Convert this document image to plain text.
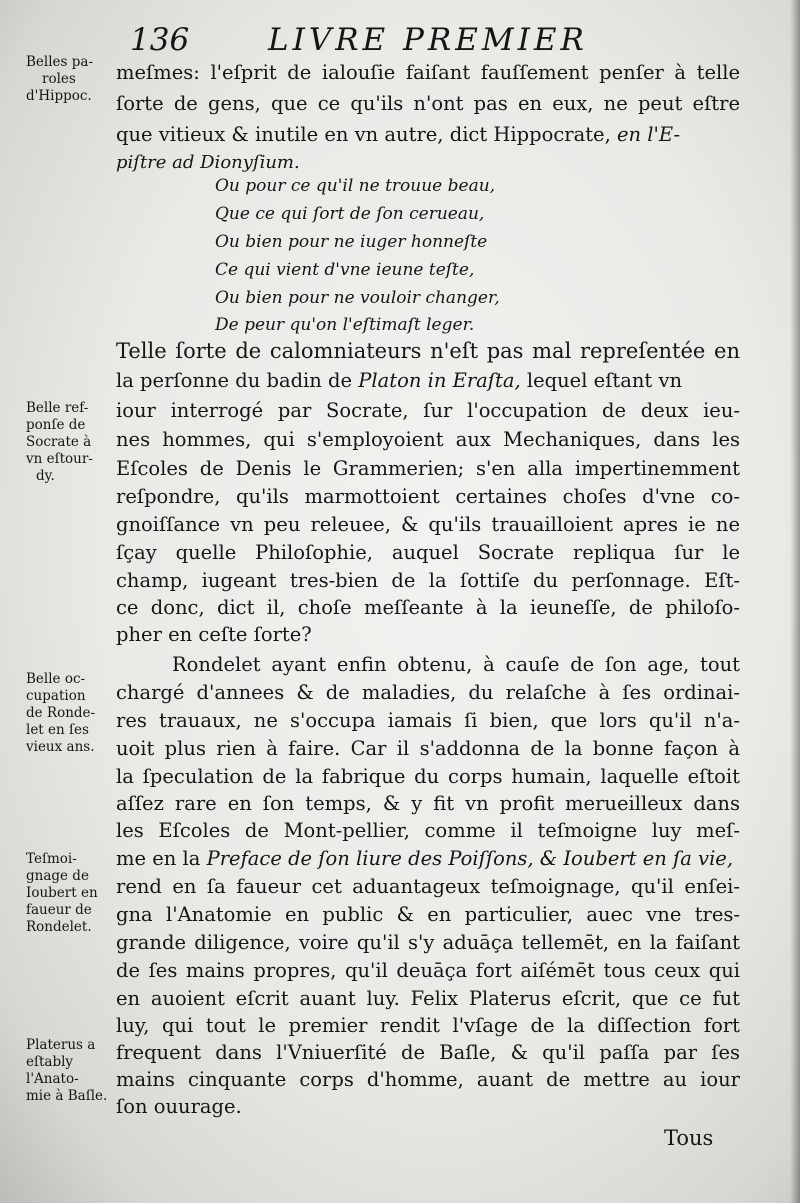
136	LIVRE PREMIER
Belles pa-
roles
d'Hippoc.
Belle ref-
ponſe de
Socrate à
vn eſtour-
dy.
Belle oc-
cupation
de Ronde-
let en ſes
vieux ans.
Teſmoi-
gnage de
Ioubert en
faueur de
Rondelet.
Platerus a
eſtably
l'Anato-
mie à Baſle.
meſmes: l'eſprit de ialouſie faiſant fauſſement penſer à telle
ſorte de gens, que ce qu'ils n'ont pas en eux, ne peut eſtre
que vitieux & inutile en vn autre, dict Hippocrate, en l'E-
piſtre ad Dionyſium.
Ou pour ce qu'il ne trouue beau,
Que ce qui ſort de ſon cerueau,
Ou bien pour ne iuger honneſte
Ce qui vient d'vne ieune teſte,
Ou bien pour ne vouloir changer,
De peur qu'on l'eſtimaſt leger.
Telle ſorte de calomniateurs n'eſt pas mal repreſentée en
la perſonne du badin de Platon in Eraſta, lequel eſtant vn
iour interrogé par Socrate, ſur l'occupation de deux ieu-
nes hommes, qui s'employoient aux Mechaniques, dans les
Eſcoles de Denis le Grammerien; s'en alla impertinemment
reſpondre, qu'ils marmottoient certaines choſes d'vne co-
gnoiſſance vn peu releuee, & qu'ils trauailloient apres ie ne
ſçay quelle Philoſophie, auquel Socrate repliqua ſur le
champ, iugeant tres-bien de la ſottiſe du perſonnage. Eſt-
ce donc, dict il, choſe meſſeante à la ieuneſſe, de philoſo-
pher en ceſte ſorte?
Rondelet ayant enfin obtenu, à cauſe de ſon age, tout
chargé d'annees & de maladies, du relaſche à ſes ordinai-
res trauaux, ne s'occupa iamais ſi bien, que lors qu'il n'a-
uoit plus rien à faire. Car il s'addonna de la bonne façon à
la ſpeculation de la fabrique du corps humain, laquelle eſtoit
aſſez rare en ſon temps, & y fit vn profit merueilleux dans
les Eſcoles de Mont-pellier, comme il teſmoigne luy meſ-
me en la Preface de ſon liure des Poiſſons, & Ioubert en ſa vie,
rend en ſa faueur cet aduantageux teſmoignage, qu'il enſei-
gna l'Anatomie en public & en particulier, auec vne tres-
grande diligence, voire qu'il s'y aduāça tellemēt, en la faiſant
de ſes mains propres, qu'il deuāça fort aiſémēt tous ceux qui
en auoient eſcrit auant luy. Felix Platerus eſcrit, que ce fut
luy, qui tout le premier rendit l'vſage de la diſſection fort
frequent dans l'Vniuerſité de Baſle, & qu'il paſſa par ſes
mains cinquante corps d'homme, auant de mettre au iour
ſon ouurage.
Tous
